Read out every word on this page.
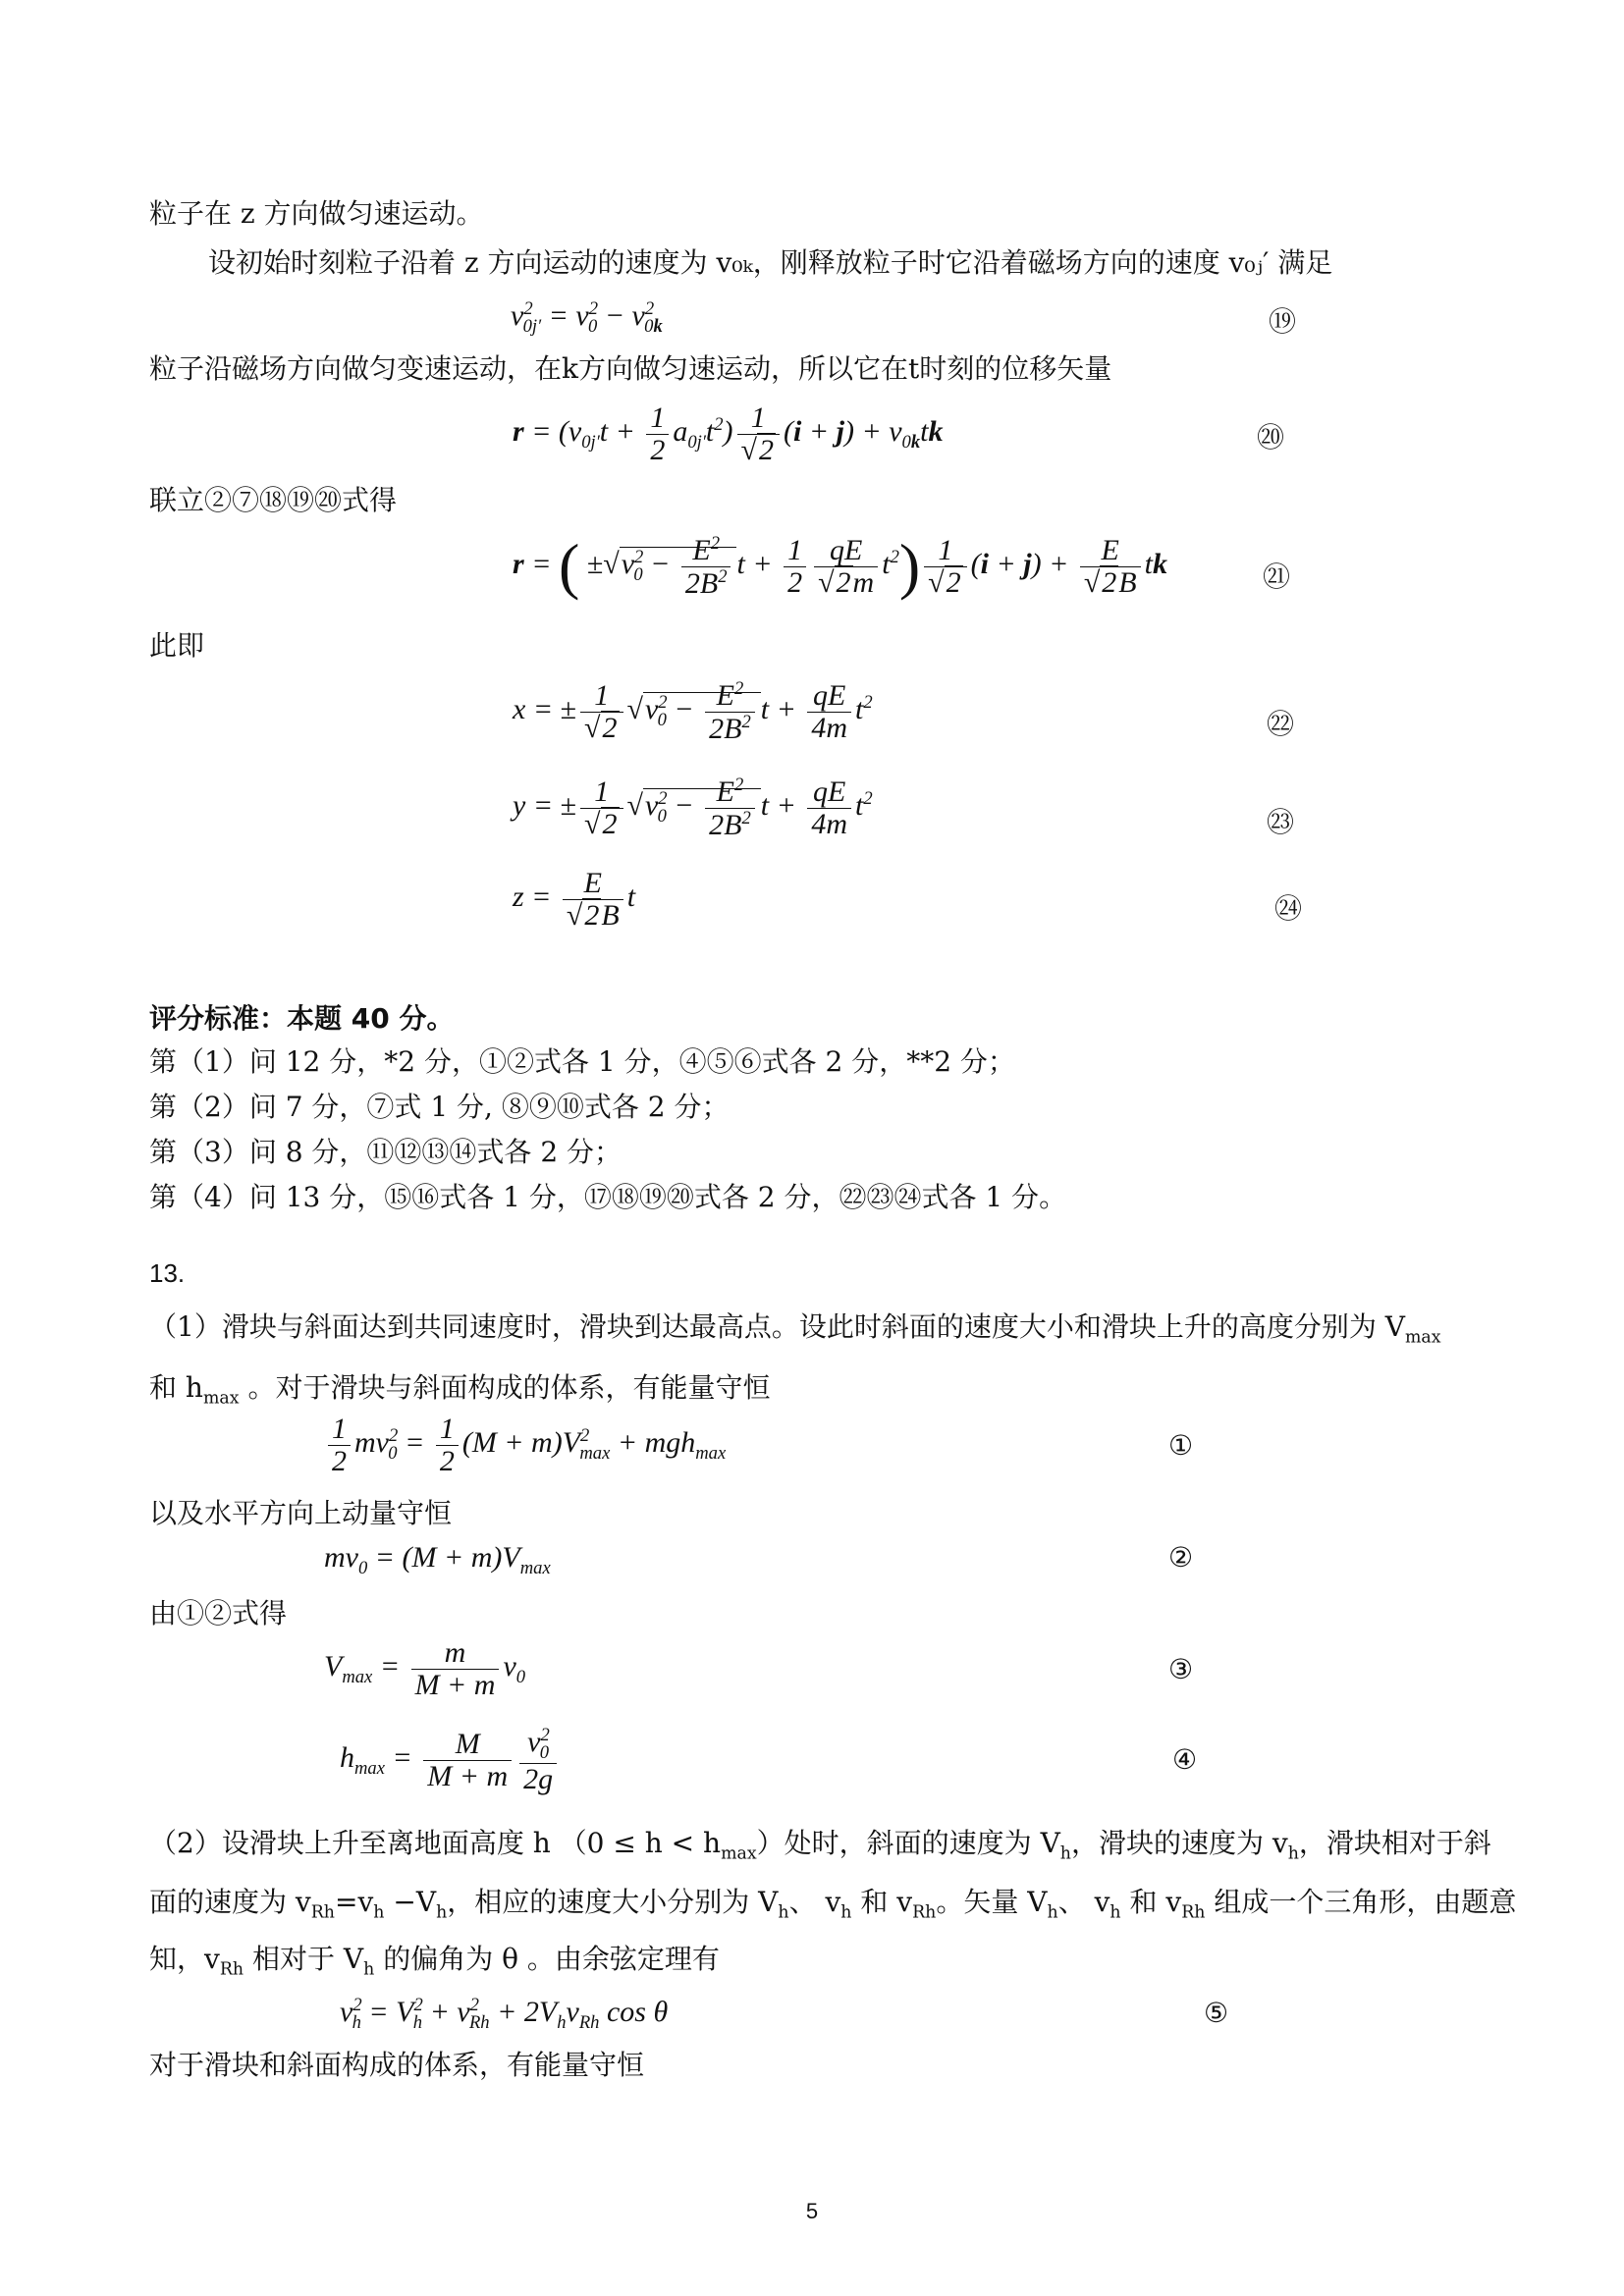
粒子在 z 方向做匀速运动。
设初始时刻粒子沿着 z 方向运动的速度为 v₀ₖ，刚释放粒子时它沿着磁场方向的速度 v₀ⱼ′ 满足
$v^2_{0j'} = v^2_0 - v^2_{0k}$	⑲
粒子沿磁场方向做匀变速运动，在k方向做匀速运动，所以它在t时刻的位移矢量
$r = (v_{0j'}t + \frac{1}{2} a_{0j'}t^2) \frac{1}{√2} (i + j) + v_{0k}tk$	⑳
联立②⑦⑱⑲⑳式得
r = ( $\pm√v^2_0 - \frac{E^2}{2B^2}$ $t + \frac{1}{2} \frac{qE}{√2m} t^2) \frac{1}{√2} (i + j) + \frac{E}{√2B}$ tk	㉑
此即
x = ± $\frac{1}{√2} √v^2_0 - \frac{E^2}{2B^2}$ $t + \frac{qE}{4m} t^2$
㉒
y = ± $\frac{1}{√2} √v^2_0 - \frac{E^2}{2B^2}$ $t + \frac{qE}{4m} t^2$
㉓
$z = \frac{E}{√2B}$ t	㉔
评分标准：本题 40 分。
第（1）问 12 分，*2 分，①②式各 1 分，④⑤⑥式各 2 分，**2 分；
第（2）问 7 分，⑦式 1 分, ⑧⑨⑩式各 2 分；
第（3）问 8 分，⑪⑫⑬⑭式各 2 分；
第（4）问 13 分，⑮⑯式各 1 分，⑰⑱⑲⑳式各 2 分，㉒㉓㉔式各 1 分。
13.
（1）滑块与斜面达到共同速度时，滑块到达最高点。设此时斜面的速度大小和滑块上升的高度分别为 $V_{max}$
和 $h_{max}$ 。对于滑块与斜面构成的体系，有能量守恒
$\frac{1}{2} mv^2_0 = \frac{1}{2} (M + m)V^2_{max} + mgh_{max}$	①
以及水平方向上动量守恒
$mv_0 = (M + m)V_{max}$	②
由①②式得
$V_{max} = \frac{m}{M + m} v_0$	③
$h_{max} = \frac{M}{M + m} \frac{v^2_0}{2g}$	④
（2）设滑块上升至离地面高度 h $(0 \le h < h_{max})$处时，斜面的速度为 $V_h$，滑块的速度为 $v_h$，滑块相对于斜
面的速度为 $v_{Rh}=v_h -V_h$，相应的速度大小分别为 $V_h$、 $v_h$ 和 $v_{Rh}$。矢量 $V_h$、 $v_h$ 和 $v_{Rh}$ 组成一个三角形，由题意
知，$v_{Rh}$ 相对于 $V_h$ 的偏角为 θ 。由余弦定理有
$v^2_h = V^2_h + v^2_{Rh} + 2V_hv_{Rh}$ cos θ	⑤
对于滑块和斜面构成的体系，有能量守恒
5
